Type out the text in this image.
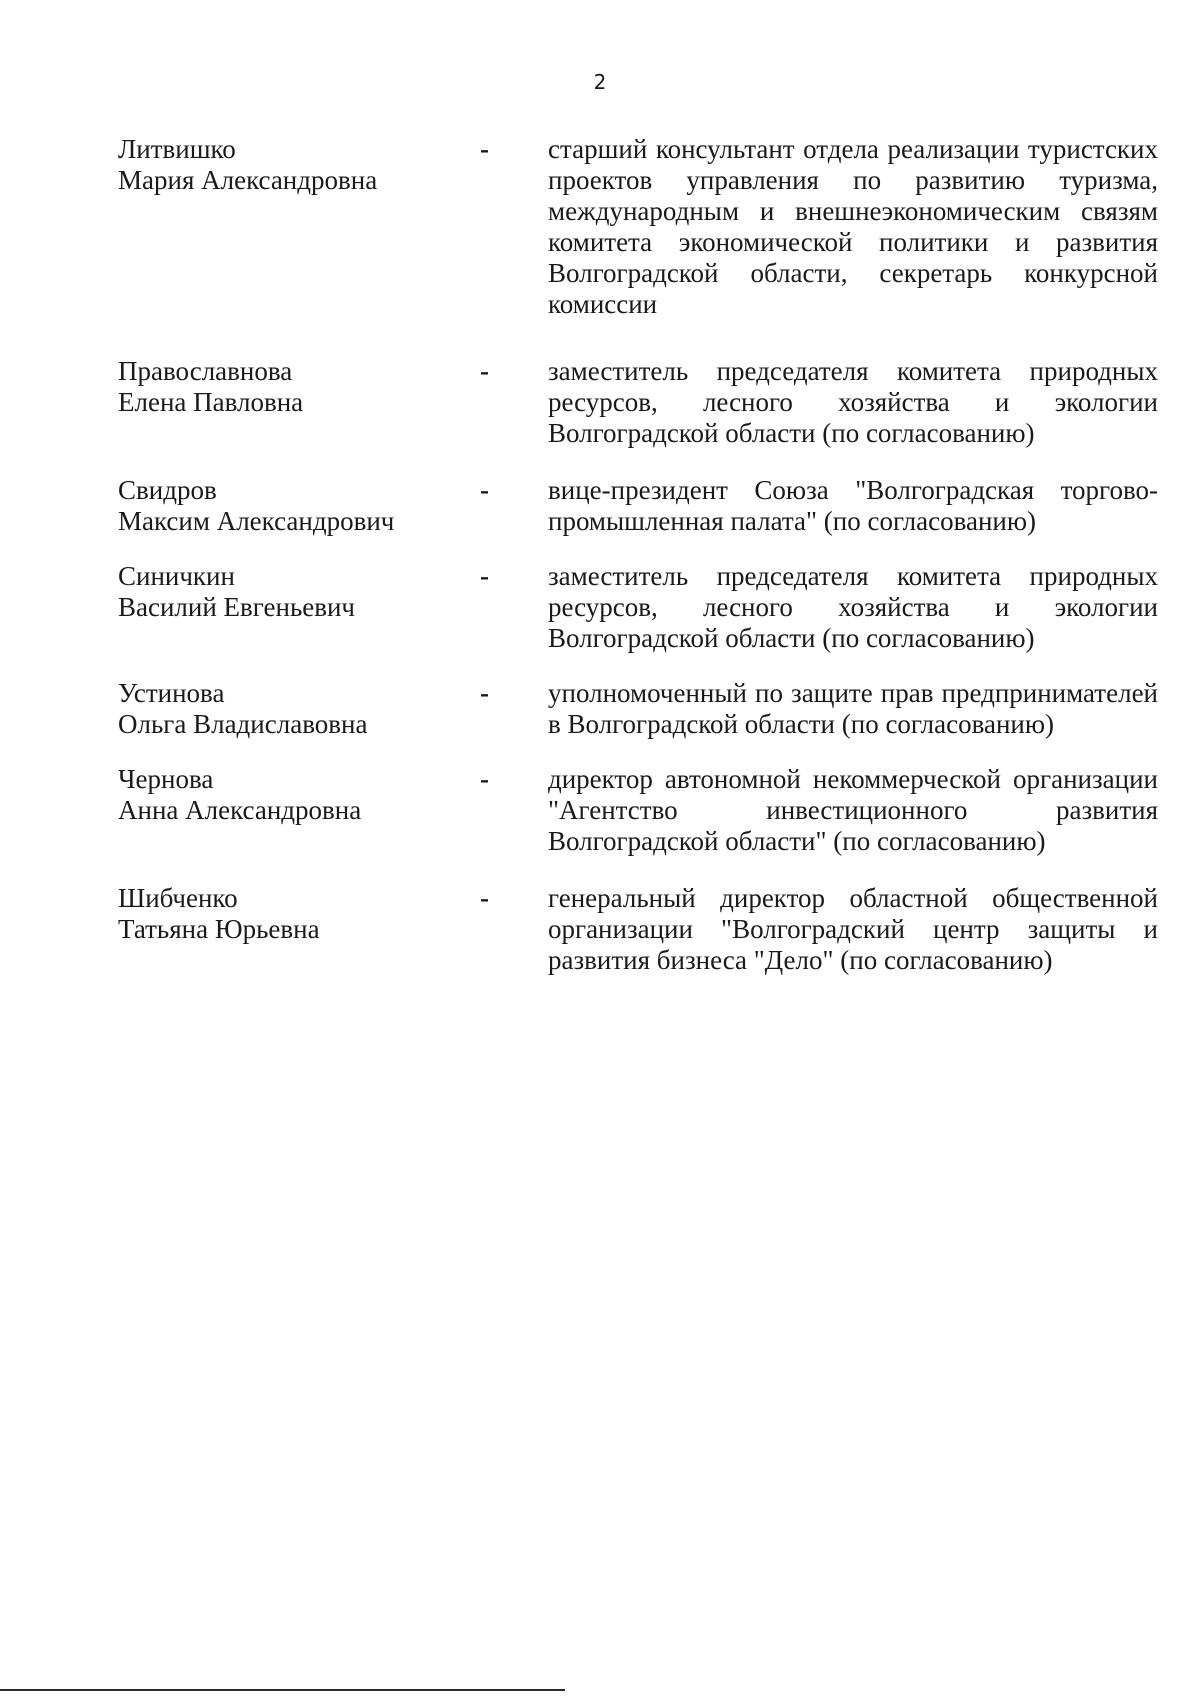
2
Литвишко
Мария Александровна
-	старший консультант отдела реализации туристских проектов управления по развитию туризма, международным и внешнеэкономическим связям комитета экономической политики и развития Волгоградской области, секретарь конкурсной комиссии
Православнова
Елена Павловна
-	заместитель председателя комитета природных ресурсов, лесного хозяйства и экологии Волгоградской области (по согласованию)
Свидров
Максим Александрович
-	вице-президент Союза "Волгоградская торгово-промышленная палата" (по согласованию)
Синичкин
Василий Евгеньевич
-	заместитель председателя комитета природных ресурсов, лесного хозяйства и экологии Волгоградской области (по согласованию)
Устинова
Ольга Владиславовна
-	уполномоченный по защите прав предпринимателей в Волгоградской области (по согласованию)
Чернова
Анна Александровна
-	директор автономной некоммерческой организации "Агентство инвестиционного развития Волгоградской области" (по согласованию)
Шибченко
Татьяна Юрьевна
-	генеральный директор областной общественной организации "Волгоградский центр защиты и развития бизнеса "Дело" (по согласованию)
